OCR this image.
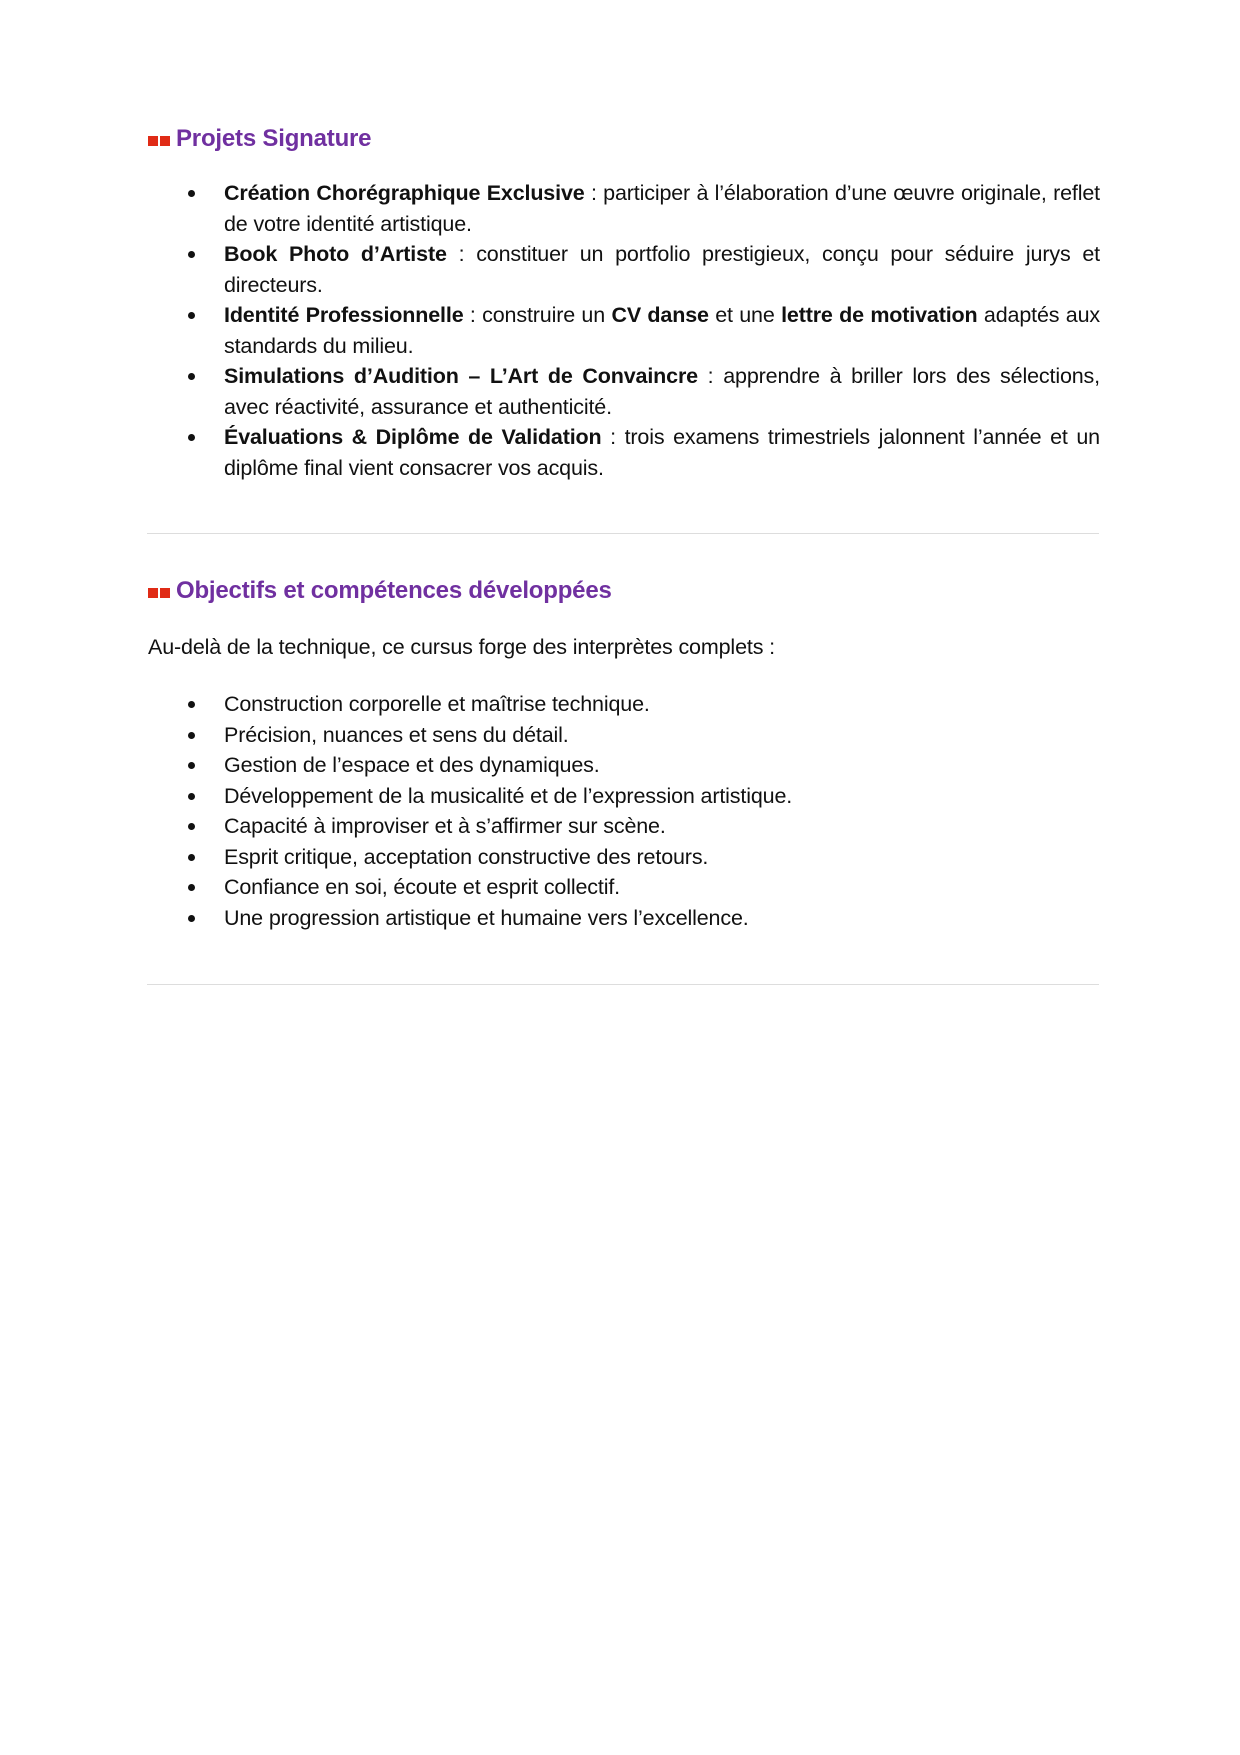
Projets Signature
Création Chorégraphique Exclusive : participer à l’élaboration d’une œuvre originale, reflet de votre identité artistique.
Book Photo d’Artiste : constituer un portfolio prestigieux, conçu pour séduire jurys et directeurs.
Identité Professionnelle : construire un CV danse et une lettre de motivation adaptés aux standards du milieu.
Simulations d’Audition – L’Art de Convaincre : apprendre à briller lors des sélections, avec réactivité, assurance et authenticité.
Évaluations & Diplôme de Validation : trois examens trimestriels jalonnent l’année et un diplôme final vient consacrer vos acquis.
Objectifs et compétences développées

Au-delà de la technique, ce cursus forge des interprètes complets :

Construction corporelle et maîtrise technique.
Précision, nuances et sens du détail.
Gestion de l’espace et des dynamiques.
Développement de la musicalité et de l’expression artistique.
Capacité à improviser et à s’affirmer sur scène.
Esprit critique, acceptation constructive des retours.
Confiance en soi, écoute et esprit collectif.
Une progression artistique et humaine vers l’excellence.
